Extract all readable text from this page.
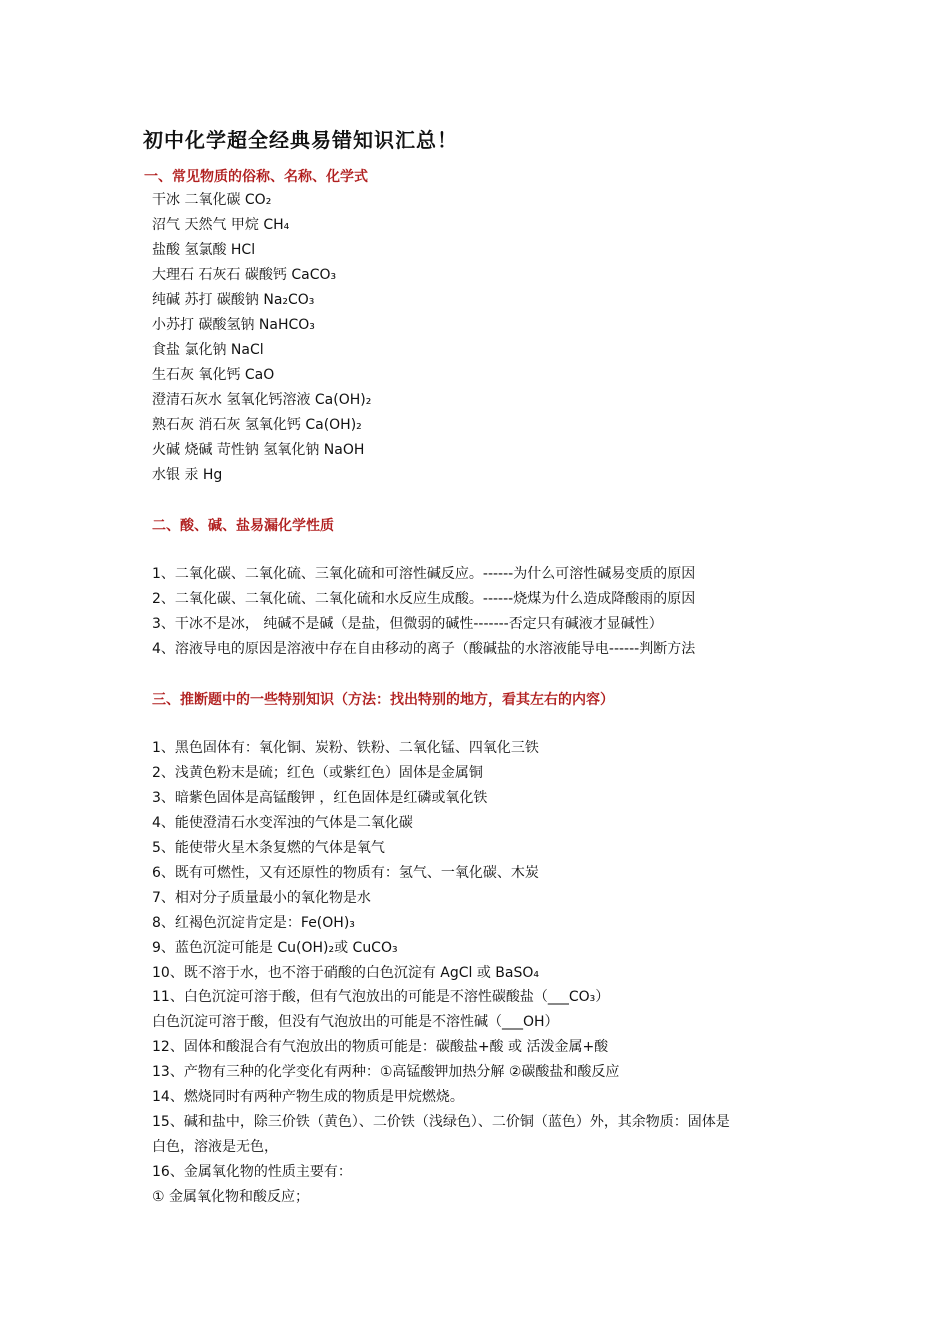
初中化学超全经典易错知识汇总！
一、常见物质的俗称、名称、化学式
干冰 二氧化碳 CO₂
沼气 天然气 甲烷 CH₄
盐酸 氢氯酸 HCl
大理石 石灰石 碳酸钙 CaCO₃
纯碱 苏打 碳酸钠 Na₂CO₃
小苏打 碳酸氢钠 NaHCO₃
食盐 氯化钠 NaCl
生石灰 氧化钙 CaO
澄清石灰水 氢氧化钙溶液 Ca(OH)₂
熟石灰 消石灰 氢氧化钙 Ca(OH)₂
火碱 烧碱 苛性钠 氢氧化钠 NaOH
水银 汞 Hg
二、酸、碱、盐易漏化学性质
1、二氧化碳、二氧化硫、三氧化硫和可溶性碱反应。------为什么可溶性碱易变质的原因
2、二氧化碳、二氧化硫、二氧化硫和水反应生成酸。------烧煤为什么造成降酸雨的原因
3、干冰不是冰， 纯碱不是碱（是盐，但微弱的碱性-------否定只有碱液才显碱性）
4、溶液导电的原因是溶液中存在自由移动的离子（酸碱盐的水溶液能导电------判断方法
三、推断题中的一些特别知识（方法：找出特别的地方，看其左右的内容）
1、黑色固体有：氧化铜、炭粉、铁粉、二氧化锰、四氧化三铁
2、浅黄色粉末是硫；红色（或紫红色）固体是金属铜
3、暗紫色固体是高锰酸钾 ，红色固体是红磷或氧化铁
4、能使澄清石水变浑浊的气体是二氧化碳
5、能使带火星木条复燃的气体是氧气
6、既有可燃性，又有还原性的物质有：氢气、一氧化碳、木炭
7、相对分子质量最小的氧化物是水
8、红褐色沉淀肯定是：Fe(OH)₃
9、蓝色沉淀可能是 Cu(OH)₂或 CuCO₃
10、既不溶于水，也不溶于硝酸的白色沉淀有 AgCl 或 BaSO₄
11、白色沉淀可溶于酸，但有气泡放出的可能是不溶性碳酸盐（___CO₃）
白色沉淀可溶于酸，但没有气泡放出的可能是不溶性碱（___OH）
12、固体和酸混合有气泡放出的物质可能是：碳酸盐+酸 或 活泼金属+酸
13、产物有三种的化学变化有两种：①高锰酸钾加热分解 ②碳酸盐和酸反应
14、燃烧同时有两种产物生成的物质是甲烷燃烧。
15、碱和盐中，除三价铁（黄色）、二价铁（浅绿色）、二价铜（蓝色）外，其余物质：固体是
白色，溶液是无色，
16、金属氧化物的性质主要有：
① 金属氧化物和酸反应；
